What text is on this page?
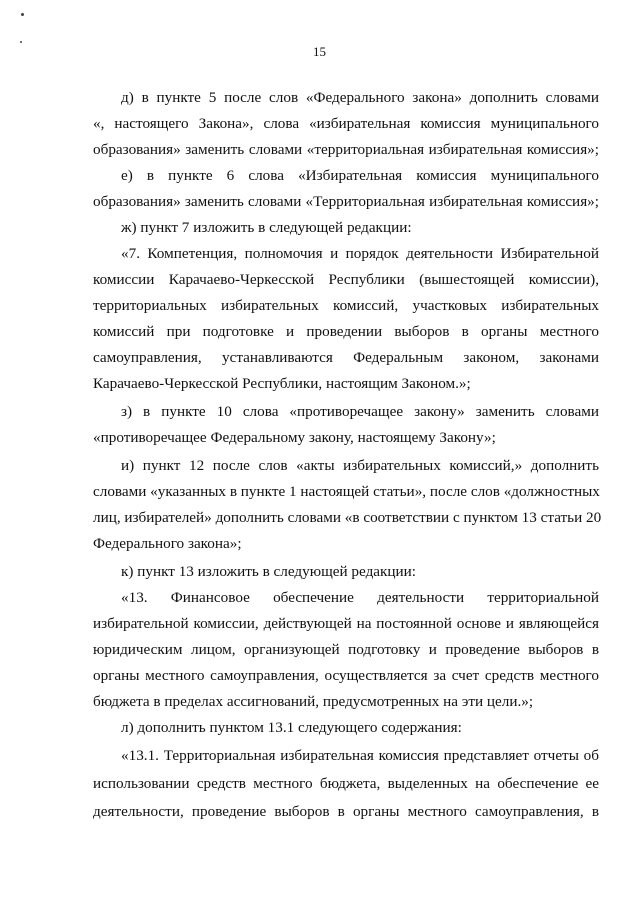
15
д) в пункте 5 после слов «Федерального закона» дополнить словами
«, настоящего Закона», слова «избирательная комиссия муниципального
образования» заменить словами «территориальная избирательная комиссия»;
е) в пункте 6 слова «Избирательная комиссия муниципального
образования» заменить словами «Территориальная избирательная комиссия»;
ж) пункт 7 изложить в следующей редакции:
«7. Компетенция, полномочия и порядок деятельности Избирательной
комиссии Карачаево-Черкесской Республики (вышестоящей комиссии),
территориальных избирательных комиссий, участковых избирательных
комиссий при подготовке и проведении выборов в органы местного
самоуправления, устанавливаются Федеральным законом, законами
Карачаево-Черкесской Республики, настоящим Законом.»;
з) в пункте 10 слова «противоречащее закону» заменить словами
«противоречащее Федеральному закону, настоящему Закону»;
и) пункт 12 после слов «акты избирательных комиссий,» дополнить
словами «указанных в пункте 1 настоящей статьи», после слов «должностных
лиц, избирателей» дополнить словами «в соответствии с пунктом 13 статьи 20
Федерального закона»;
к) пункт 13 изложить в следующей редакции:
«13. Финансовое обеспечение деятельности территориальной
избирательной комиссии, действующей на постоянной основе и являющейся
юридическим лицом, организующей подготовку и проведение выборов в
органы местного самоуправления, осуществляется за счет средств местного
бюджета в пределах ассигнований, предусмотренных на эти цели.»;
л) дополнить пунктом 13.1 следующего содержания:
«13.1. Территориальная избирательная комиссия представляет отчеты об
использовании средств местного бюджета, выделенных на обеспечение ее
деятельности, проведение выборов в органы местного самоуправления, в
